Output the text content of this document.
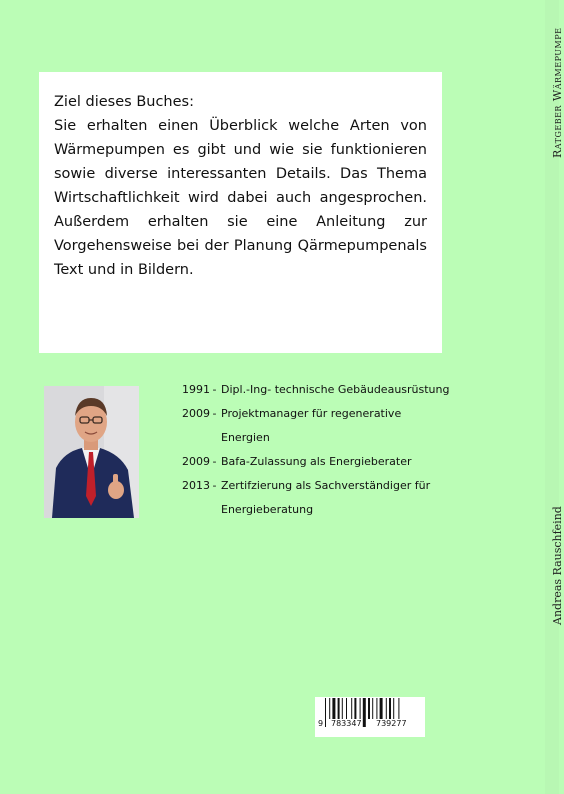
Ratgeber Wärmepumpe
Andreas Rauschfeind
Ziel dieses Buches:

Sie erhalten einen Überblick welche Arten von Wärmepumpen es gibt und wie sie funktionieren sowie diverse interessanten Details. Das Thema Wirtschaftlichkeit wird dabei auch angesprochen. Außerdem erhalten sie eine Anleitung zur Vorgehensweise bei der Planung Qärmepumpenals Text und in Bildern.

1991 - Dipl.-Ing- technische Gebäudeausrüstung
2009 - Projektmanager für regenerative Energien
2009 - Bafa-Zulassung als Energieberater
2013 - Zertifzierung als Sachverständiger für Energieberatung
9 783347 739277
